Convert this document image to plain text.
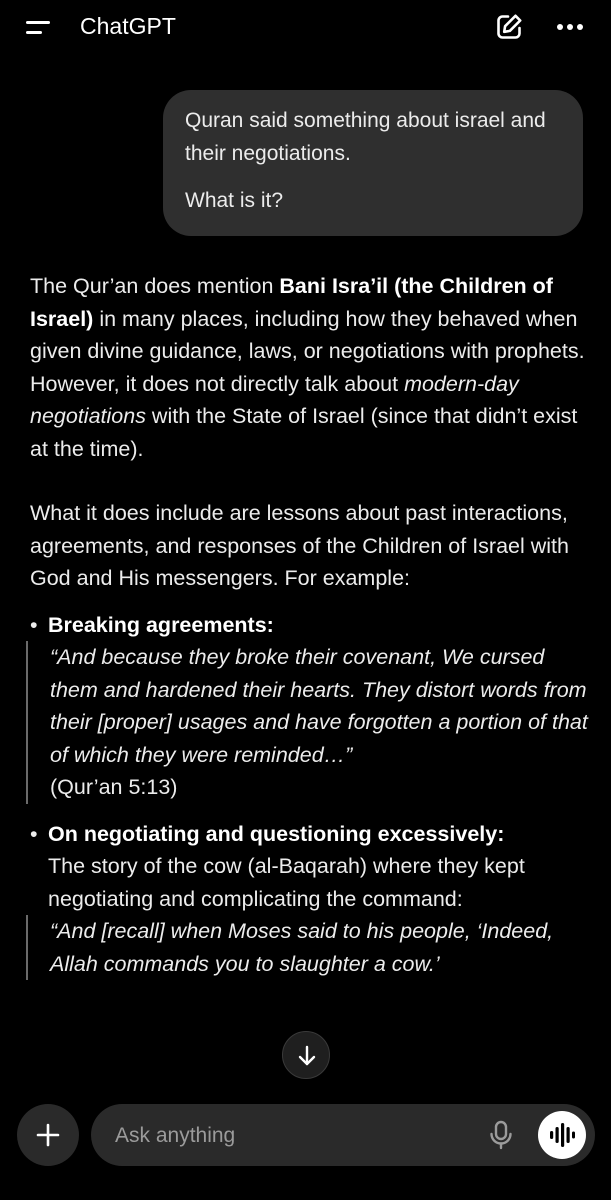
ChatGPT

Quran said something about israel and their negotiations.

What is it?

The Qur’an does mention Bani Isra’il (the Children of Israel) in many places, including how they behaved when given divine guidance, laws, or negotiations with prophets. However, it does not directly talk about modern-day negotiations with the State of Israel (since that didn’t exist at the time).

What it does include are lessons about past interactions, agreements, and responses of the Children of Israel with God and His messengers. For example:

• Breaking agreements:
“And because they broke their covenant, We cursed them and hardened their hearts. They distort words from their [proper] usages and have forgotten a portion of that of which they were reminded…”
(Qur’an 5:13)
• On negotiating and questioning excessively:
The story of the cow (al-Baqarah) where they kept negotiating and complicating the command:
“And [recall] when Moses said to his people, ‘Indeed, Allah commands you to slaughter a cow.’
Ask anything
